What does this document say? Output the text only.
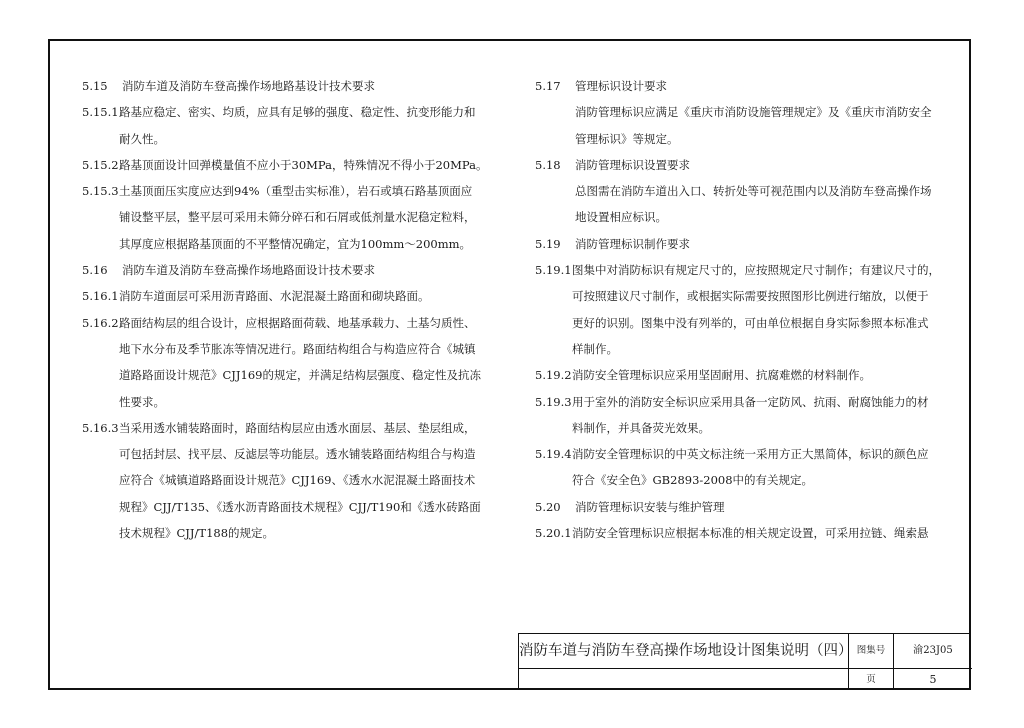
5.15 消防车道及消防车登高操作场地路基设计技术要求
5.15.1 路基应稳定、密实、均质，应具有足够的强度、稳定性、抗变形能力和
耐久性。
5.15.2 路基顶面设计回弹模量值不应小于30MPa，特殊情况不得小于20MPa。
5.15.3 土基顶面压实度应达到94%（重型击实标准），岩石或填石路基顶面应
铺设整平层，整平层可采用未筛分碎石和石屑或低剂量水泥稳定粒料，
其厚度应根据路基顶面的不平整情况确定，宜为100mm～200mm。
5.16 消防车道及消防车登高操作场地路面设计技术要求
5.16.1 消防车道面层可采用沥青路面、水泥混凝土路面和砌块路面。
5.16.2 路面结构层的组合设计，应根据路面荷载、地基承载力、土基匀质性、
地下水分布及季节胀冻等情况进行。路面结构组合与构造应符合《城镇
道路路面设计规范》CJJ169的规定，并满足结构层强度、稳定性及抗冻
性要求。
5.16.3 当采用透水铺装路面时，路面结构层应由透水面层、基层、垫层组成，
可包括封层、找平层、反滤层等功能层。透水铺装路面结构组合与构造
应符合《城镇道路路面设计规范》CJJ169、《透水水泥混凝土路面技术
规程》CJJ/T135、《透水沥青路面技术规程》CJJ/T190和《透水砖路面
技术规程》CJJ/T188的规定。
5.17 管理标识设计要求
消防管理标识应满足《重庆市消防设施管理规定》及《重庆市消防安全
管理标识》等规定。
5.18 消防管理标识设置要求
总图需在消防车道出入口、转折处等可视范围内以及消防车登高操作场
地设置相应标识。
5.19 消防管理标识制作要求
5.19.1 图集中对消防标识有规定尺寸的，应按照规定尺寸制作；有建议尺寸的，
可按照建议尺寸制作，或根据实际需要按照图形比例进行缩放，以便于
更好的识别。图集中没有列举的，可由单位根据自身实际参照本标准式
样制作。
5.19.2 消防安全管理标识应采用坚固耐用、抗腐难燃的材料制作。
5.19.3 用于室外的消防安全标识应采用具备一定防风、抗雨、耐腐蚀能力的材
料制作，并具备荧光效果。
5.19.4 消防安全管理标识的中英文标注统一采用方正大黑简体，标识的颜色应
符合《安全色》GB2893-2008中的有关规定。
5.20 消防管理标识安装与维护管理
5.20.1 消防安全管理标识应根据本标准的相关规定设置，可采用拉链、绳索悬
消防车道与消防车登高操作场地设计图集说明（四） 图集号	渝23J05
页	5
